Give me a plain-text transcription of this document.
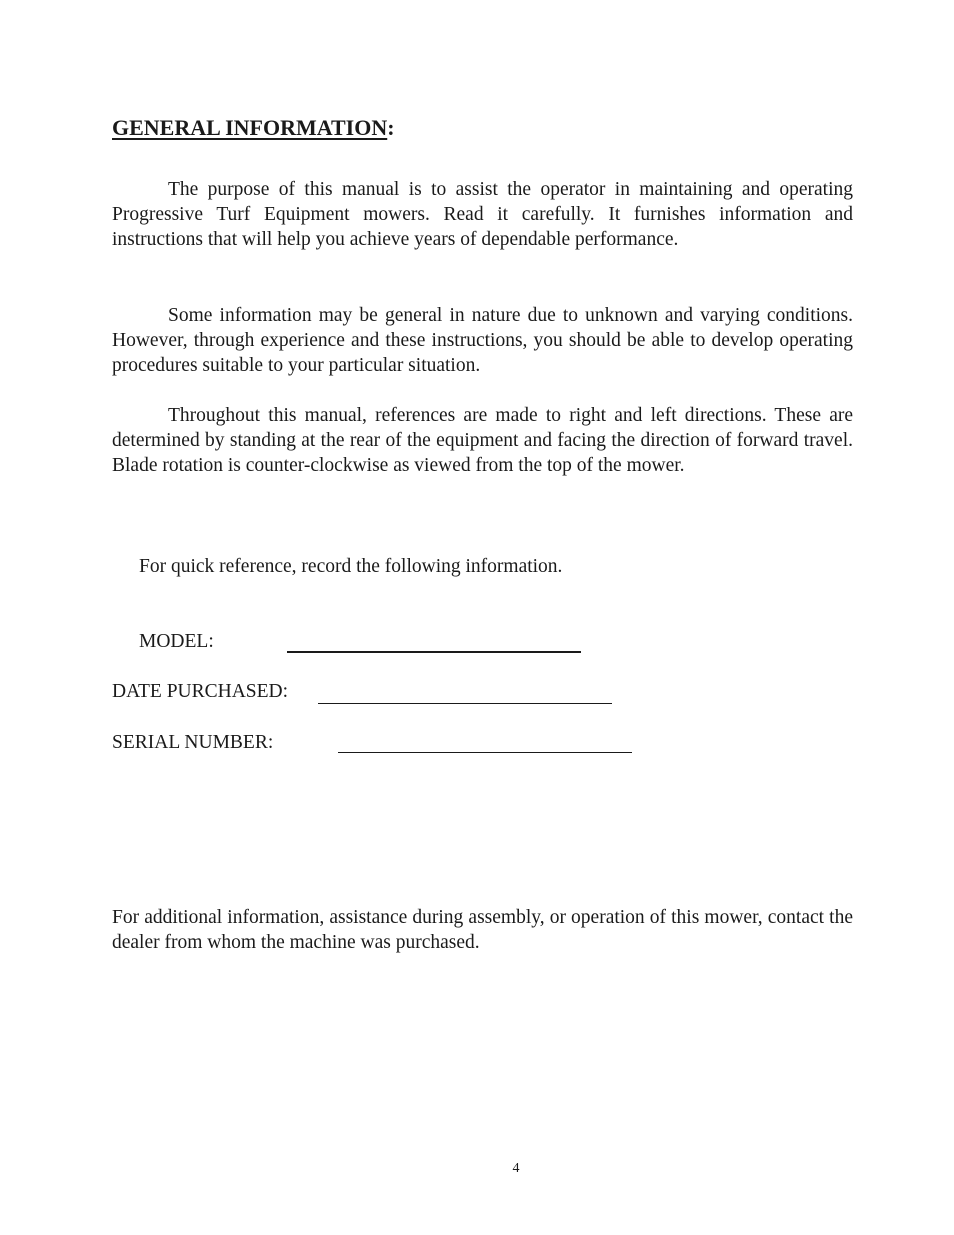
GENERAL INFORMATION:

The purpose of this manual is to assist the operator in maintaining and operating Progressive Turf Equipment mowers. Read it carefully. It furnishes information and instructions that will help you achieve years of dependable performance.

Some information may be general in nature due to unknown and varying conditions. However, through experience and these instructions, you should be able to develop operating procedures suitable to your particular situation.

Throughout this manual, references are made to right and left directions. These are determined by standing at the rear of the equipment and facing the direction of forward travel. Blade rotation is counter-clockwise as viewed from the top of the mower.

For quick reference, record the following information.
MODEL:
DATE PURCHASED:
SERIAL NUMBER:

For additional information, assistance during assembly, or operation of this mower, contact the dealer from whom the machine was purchased.

4
